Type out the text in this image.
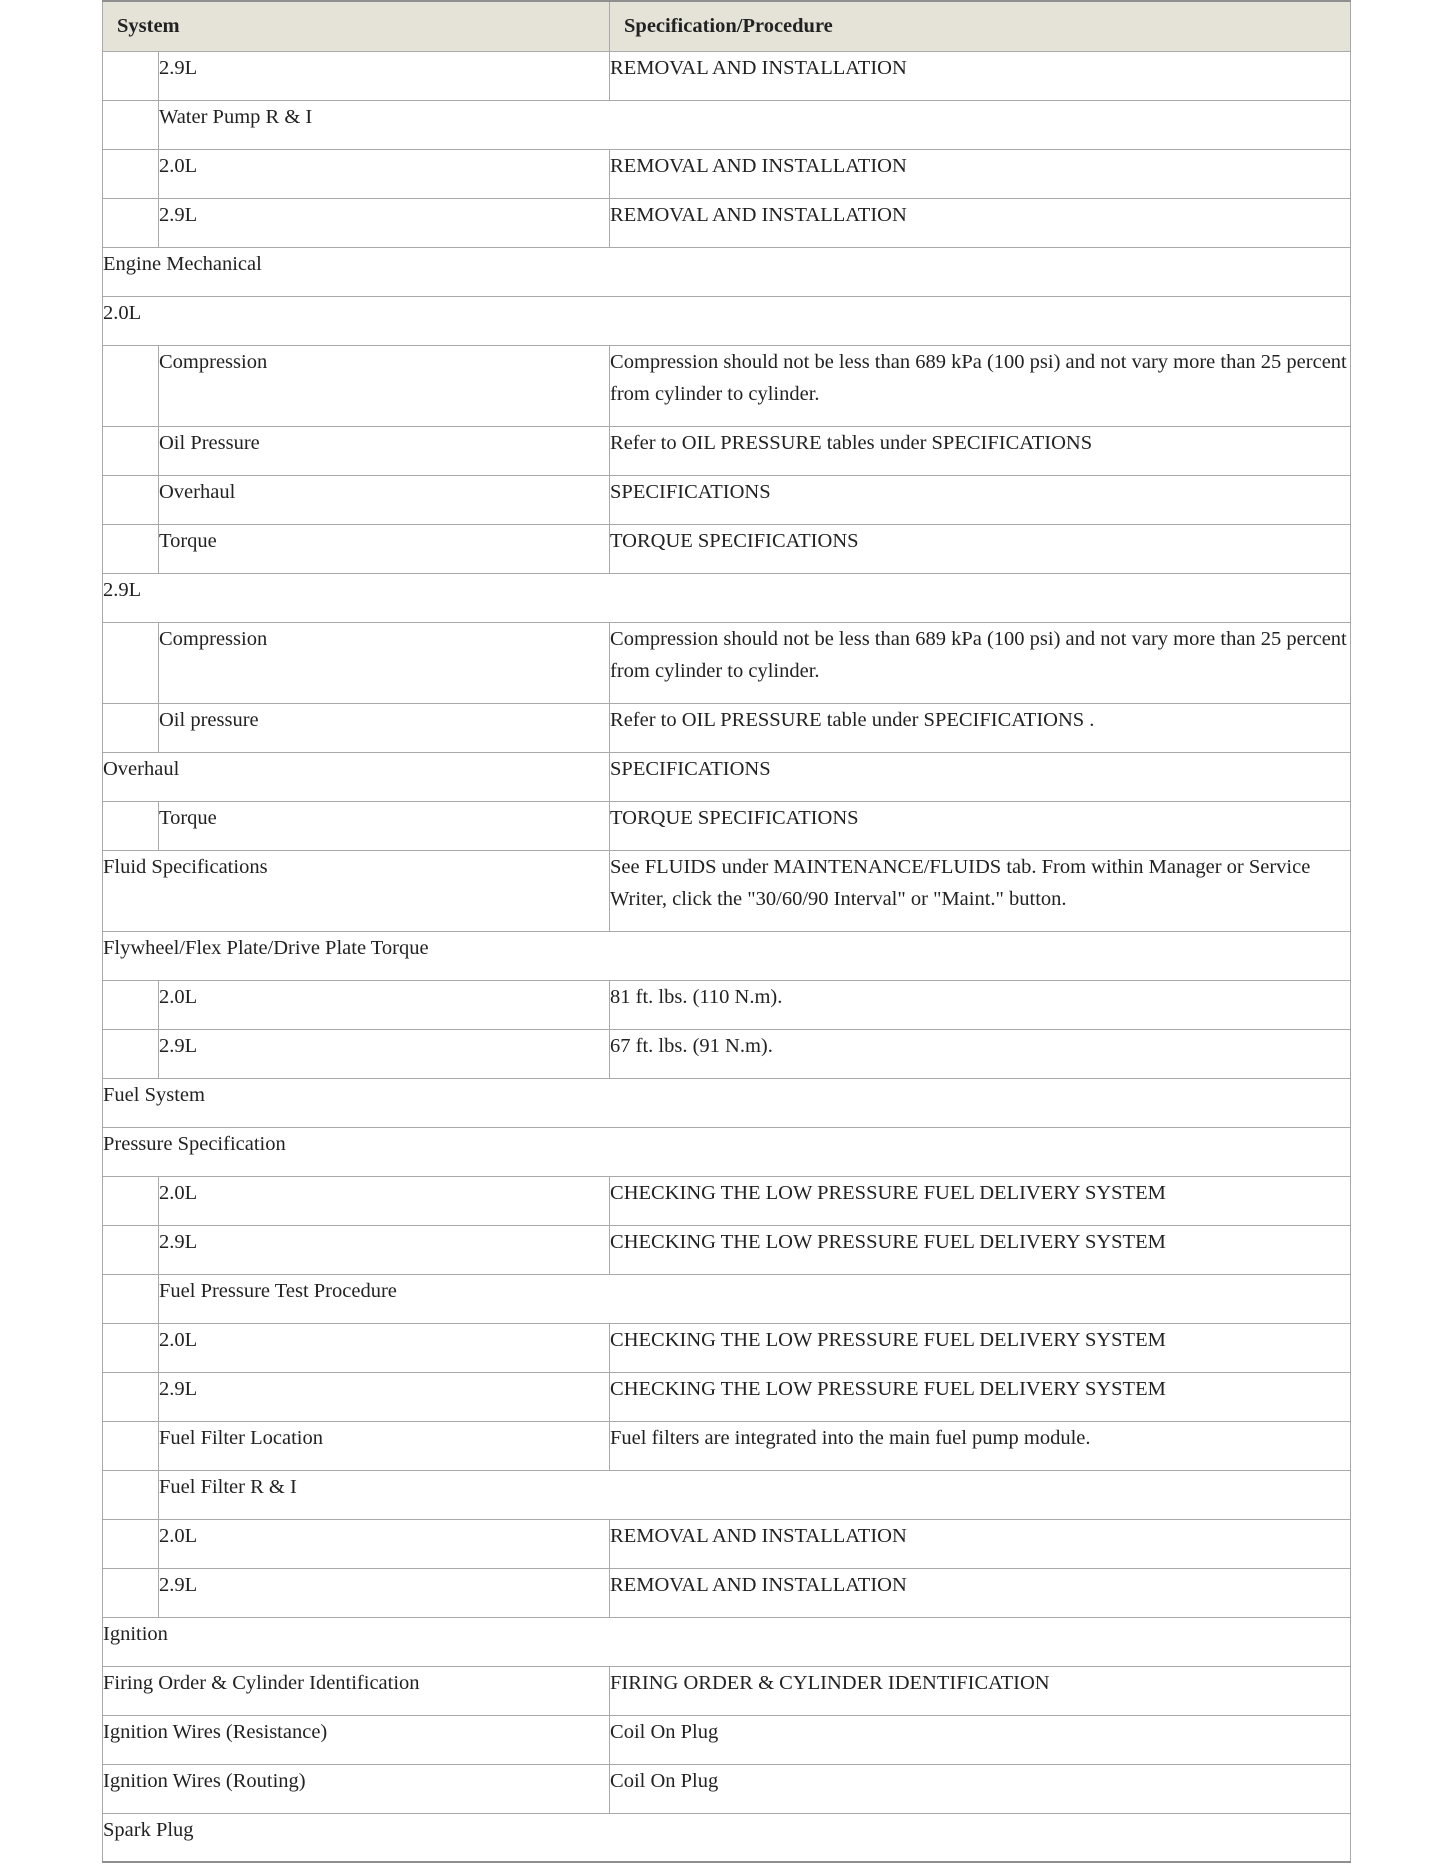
System		Specification/Procedure
	2.9L	REMOVAL AND INSTALLATION
	Water Pump R & I	
	2.0L	REMOVAL AND INSTALLATION
	2.9L	REMOVAL AND INSTALLATION
Engine Mechanical		
2.0L		
	Compression	Compression should not be less than 689 kPa (100 psi) and not vary more than 25 percent from cylinder to cylinder.
	Oil Pressure	Refer to OIL PRESSURE tables under SPECIFICATIONS
	Overhaul	SPECIFICATIONS
	Torque	TORQUE SPECIFICATIONS
2.9L		
	Compression	Compression should not be less than 689 kPa (100 psi) and not vary more than 25 percent from cylinder to cylinder.
	Oil pressure	Refer to OIL PRESSURE table under SPECIFICATIONS .
Overhaul		SPECIFICATIONS
	Torque	TORQUE SPECIFICATIONS
Fluid Specifications		See FLUIDS under MAINTENANCE/FLUIDS tab. From within Manager or Service Writer, click the "30/60/90 Interval" or "Maint." button.
Flywheel/Flex Plate/Drive Plate Torque		
	2.0L	81 ft. lbs. (110 N.m).
	2.9L	67 ft. lbs. (91 N.m).
Fuel System		
Pressure Specification		
	2.0L	CHECKING THE LOW PRESSURE FUEL DELIVERY SYSTEM
	2.9L	CHECKING THE LOW PRESSURE FUEL DELIVERY SYSTEM
	Fuel Pressure Test Procedure	
	2.0L	CHECKING THE LOW PRESSURE FUEL DELIVERY SYSTEM
	2.9L	CHECKING THE LOW PRESSURE FUEL DELIVERY SYSTEM
	Fuel Filter Location	Fuel filters are integrated into the main fuel pump module.
	Fuel Filter R & I	
	2.0L	REMOVAL AND INSTALLATION
	2.9L	REMOVAL AND INSTALLATION
Ignition		
Firing Order & Cylinder Identification		FIRING ORDER & CYLINDER IDENTIFICATION
Ignition Wires (Resistance)		Coil On Plug
Ignition Wires (Routing)		Coil On Plug
Spark Plug		
